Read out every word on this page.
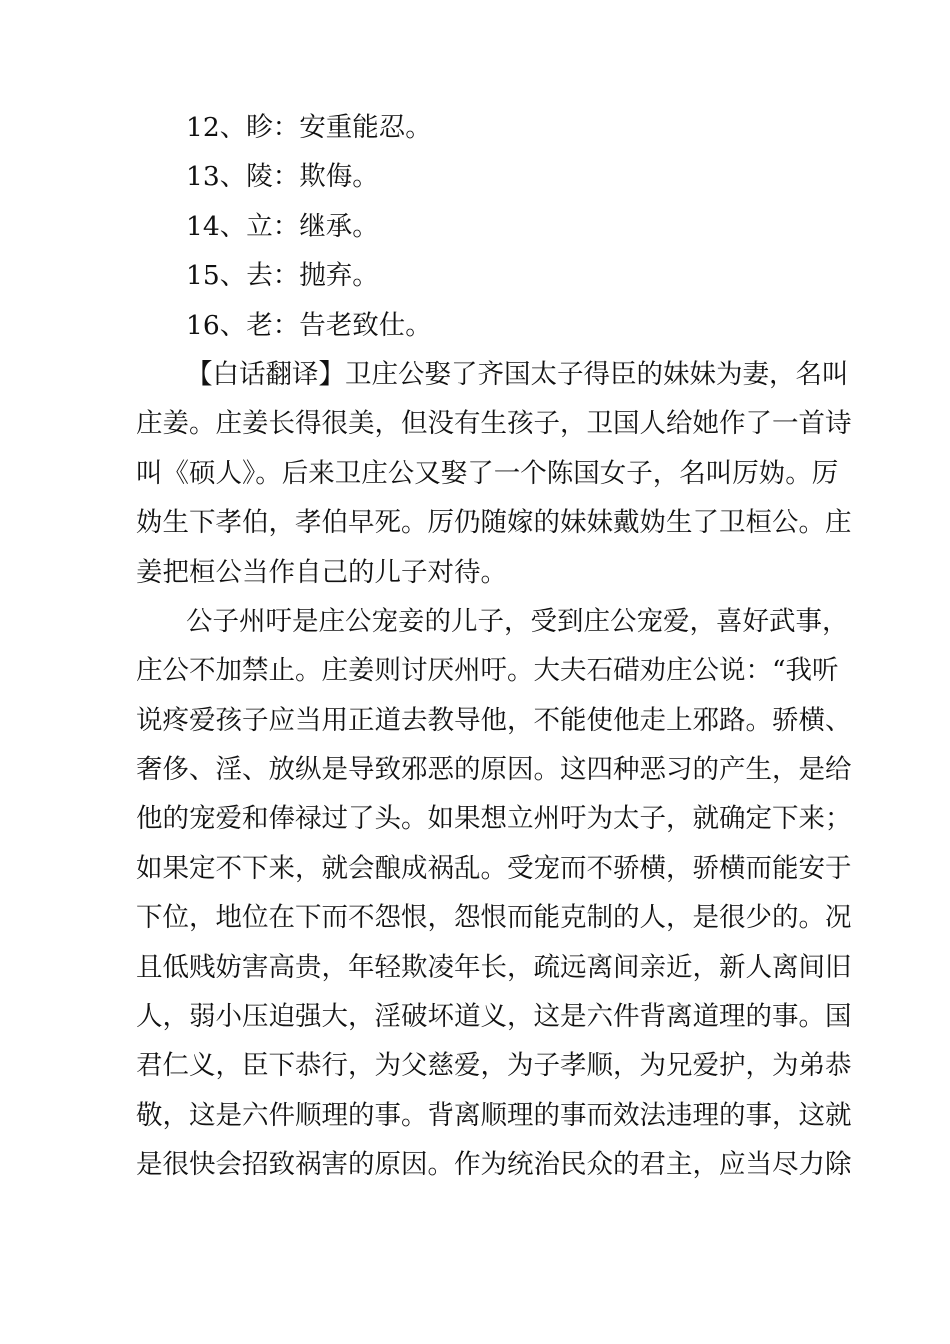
12、眕：安重能忍。
13、陵：欺侮。
14、立：继承。
15、去：抛弃。
16、老：告老致仕。
【白话翻译】卫庄公娶了齐国太子得臣的妹妹为妻，名叫
庄姜。庄姜长得很美，但没有生孩子，卫国人给她作了一首诗
叫《硕人》。后来卫庄公又娶了一个陈国女子，名叫厉妫。厉
妫生下孝伯，孝伯早死。厉仍随嫁的妹妹戴妫生了卫桓公。庄
姜把桓公当作自己的儿子对待。
公子州吁是庄公宠妾的儿子，受到庄公宠爱，喜好武事，
庄公不加禁止。庄姜则讨厌州吁。大夫石碏劝庄公说：“我听
说疼爱孩子应当用正道去教导他，不能使他走上邪路。骄横、
奢侈、淫、放纵是导致邪恶的原因。这四种恶习的产生，是给
他的宠爱和俸禄过了头。如果想立州吁为太子，就确定下来；
如果定不下来，就会酿成祸乱。受宠而不骄横，骄横而能安于
下位，地位在下而不怨恨，怨恨而能克制的人，是很少的。况
且低贱妨害高贵，年轻欺凌年长，疏远离间亲近，新人离间旧
人，弱小压迫强大，淫破坏道义，这是六件背离道理的事。国
君仁义，臣下恭行，为父慈爱，为子孝顺，为兄爱护，为弟恭
敬，这是六件顺理的事。背离顺理的事而效法违理的事，这就
是很快会招致祸害的原因。作为统治民众的君主，应当尽力除
